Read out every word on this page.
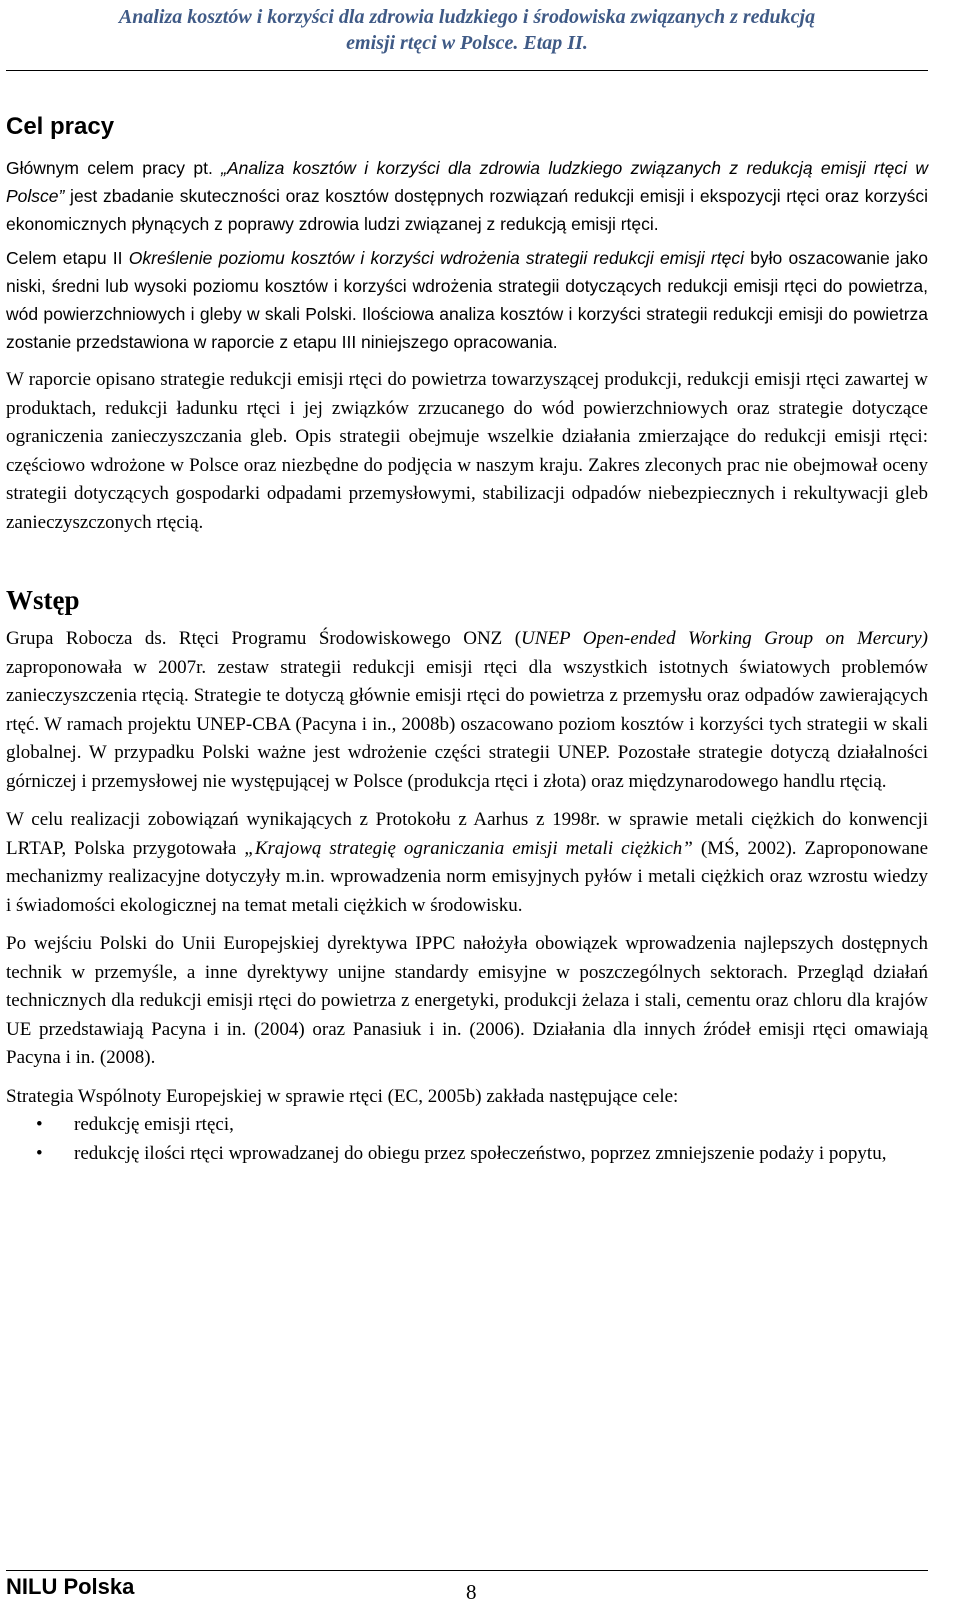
Analiza kosztów i korzyści dla zdrowia ludzkiego i środowiska związanych z redukcją
emisji rtęci w Polsce. Etap II.
Cel pracy

Głównym celem pracy pt. „Analiza kosztów i korzyści dla zdrowia ludzkiego związanych z redukcją emisji rtęci w Polsce” jest zbadanie skuteczności oraz kosztów dostępnych rozwiązań redukcji emisji i ekspozycji rtęci oraz korzyści ekonomicznych płynących z poprawy zdrowia ludzi związanej z redukcją emisji rtęci.

Celem etapu II Określenie poziomu kosztów i korzyści wdrożenia strategii redukcji emisji rtęci było oszacowanie jako niski, średni lub wysoki poziomu kosztów i korzyści wdrożenia strategii dotyczących redukcji emisji rtęci do powietrza, wód powierzchniowych i gleby w skali Polski. Ilościowa analiza kosztów i korzyści strategii redukcji emisji do powietrza zostanie przedstawiona w raporcie z etapu III niniejszego opracowania.

W raporcie opisano strategie redukcji emisji rtęci do powietrza towarzyszącej produkcji, redukcji emisji rtęci zawartej w produktach, redukcji ładunku rtęci i jej związków zrzucanego do wód powierzchniowych oraz strategie dotyczące ograniczenia zanieczyszczania gleb. Opis strategii obejmuje wszelkie działania zmierzające do redukcji emisji rtęci: częściowo wdrożone w Polsce oraz niezbędne do podjęcia w naszym kraju. Zakres zleconych prac nie obejmował oceny strategii dotyczących gospodarki odpadami przemysłowymi, stabilizacji odpadów niebezpiecznych i rekultywacji gleb zanieczyszczonych rtęcią.

Wstęp

Grupa Robocza ds. Rtęci Programu Środowiskowego ONZ (UNEP Open-ended Working Group on Mercury) zaproponowała w 2007r. zestaw strategii redukcji emisji rtęci dla wszystkich istotnych światowych problemów zanieczyszczenia rtęcią. Strategie te dotyczą głównie emisji rtęci do powietrza z przemysłu oraz odpadów zawierających rtęć. W ramach projektu UNEP-CBA (Pacyna i in., 2008b) oszacowano poziom kosztów i korzyści tych strategii w skali globalnej. W przypadku Polski ważne jest wdrożenie części strategii UNEP. Pozostałe strategie dotyczą działalności górniczej i przemysłowej nie występującej w Polsce (produkcja rtęci i złota) oraz międzynarodowego handlu rtęcią.

W celu realizacji zobowiązań wynikających z Protokołu z Aarhus z 1998r. w sprawie metali ciężkich do konwencji LRTAP, Polska przygotowała „Krajową strategię ograniczania emisji metali ciężkich” (MŚ, 2002). Zaproponowane mechanizmy realizacyjne dotyczyły m.in. wprowadzenia norm emisyjnych pyłów i metali ciężkich oraz wzrostu wiedzy i świadomości ekologicznej na temat metali ciężkich w środowisku.

Po wejściu Polski do Unii Europejskiej dyrektywa IPPC nałożyła obowiązek wprowadzenia najlepszych dostępnych technik w przemyśle, a inne dyrektywy unijne standardy emisyjne w poszczególnych sektorach. Przegląd działań technicznych dla redukcji emisji rtęci do powietrza z energetyki, produkcji żelaza i stali, cementu oraz chloru dla krajów UE przedstawiają Pacyna i in. (2004) oraz Panasiuk i in. (2006). Działania dla innych źródeł emisji rtęci omawiają Pacyna i in. (2008).

Strategia Wspólnoty Europejskiej w sprawie rtęci (EC, 2005b) zakłada następujące cele:

• redukcję emisji rtęci,
• redukcję ilości rtęci wprowadzanej do obiegu przez społeczeństwo, poprzez zmniejszenie podaży i popytu,
NILU Polska	8
